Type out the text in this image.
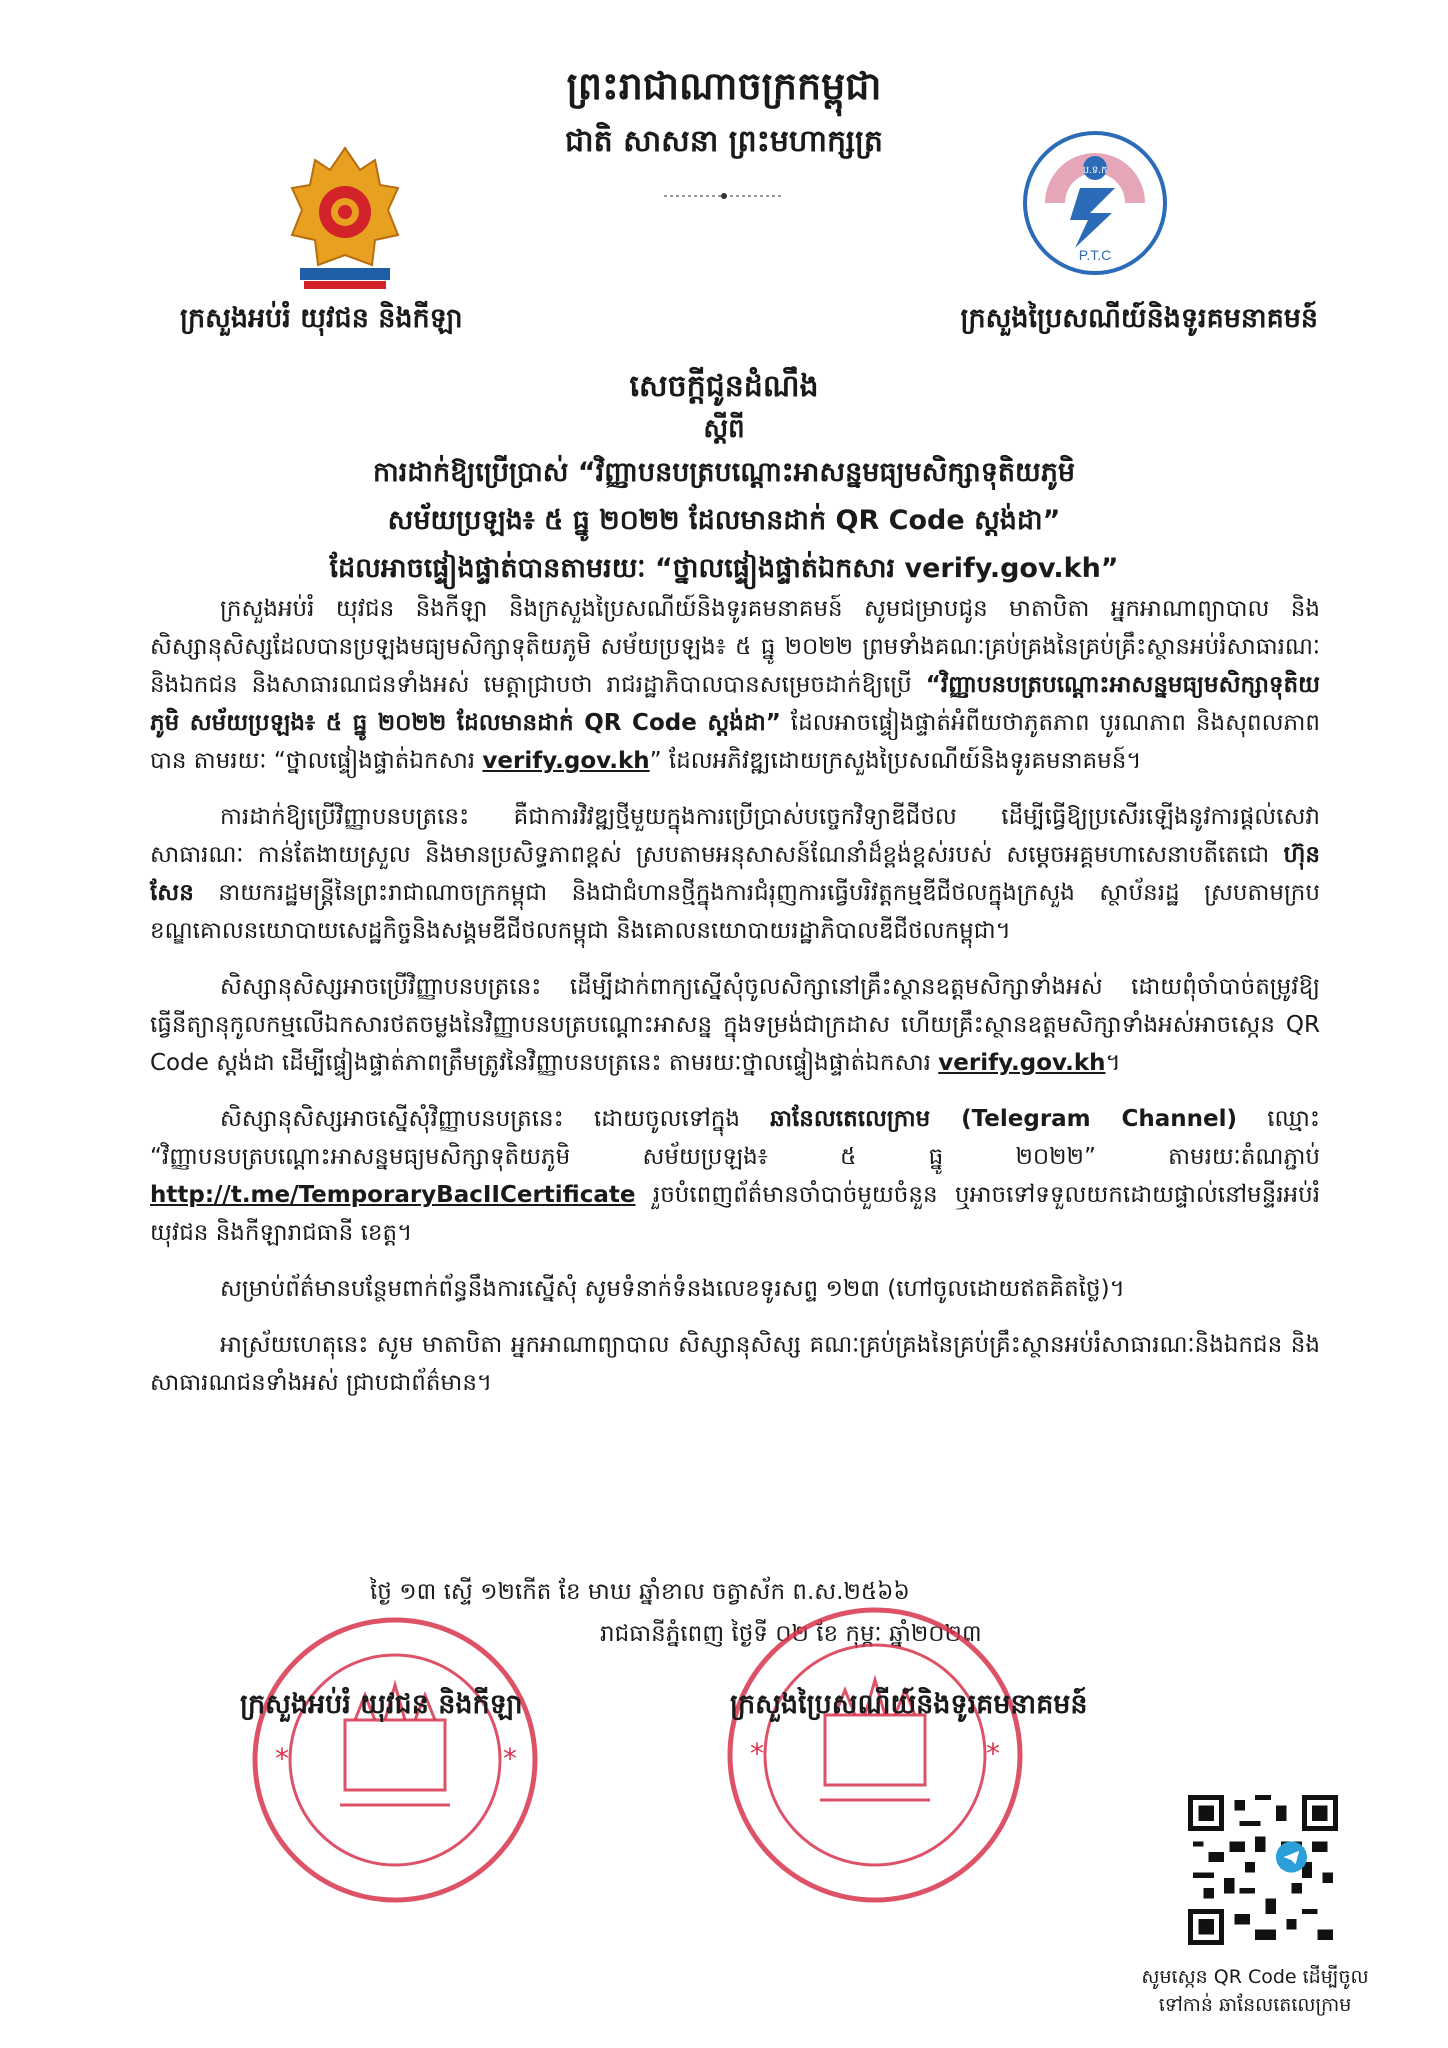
ប.ទ.ក
P.T.C
ព្រះរាជាណាចក្រកម្ពុជា
ជាតិ សាសនា ព្រះមហាក្សត្រ
ក្រសួងអប់រំ យុវជន និងកីឡា	ក្រសួងប្រៃសណីយ៍និងទូរគមនាគមន៍
សេចក្តីជូនដំណឹង
ស្តីពី
ការដាក់ឱ្យប្រើប្រាស់ “វិញ្ញាបនបត្របណ្តោះអាសន្នមធ្យមសិក្សាទុតិយភូមិ
សម័យប្រឡង៖ ៥ ធ្នូ ២០២២ ដែលមានដាក់ QR Code ស្តង់ដា”
ដែលអាចផ្ទៀងផ្ទាត់បានតាមរយៈ “ថ្នាលផ្ទៀងផ្ទាត់ឯកសារ verify.gov.kh”

ក្រសួងអប់រំ យុវជន និងកីឡា និងក្រសួងប្រៃសណីយ៍និងទូរគមនាគមន៍ សូមជម្រាបជូន មាតាបិតា អ្នកអាណាព្យាបាល និងសិស្សានុសិស្សដែលបានប្រឡងមធ្យមសិក្សាទុតិយភូមិ សម័យប្រឡង៖ ៥ ធ្នូ ២០២២ ព្រមទាំងគណៈគ្រប់គ្រងនៃគ្រប់គ្រឹះស្ថានអប់រំសាធារណៈនិងឯកជន និងសាធារណជនទាំងអស់ មេត្តាជ្រាបថា រាជរដ្ឋាភិបាលបានសម្រេចដាក់ឱ្យប្រើ “វិញ្ញាបនបត្របណ្តោះអាសន្នមធ្យមសិក្សាទុតិយភូមិ សម័យប្រឡង៖ ៥ ធ្នូ ២០២២ ដែលមានដាក់ QR Code ស្តង់ដា” ដែលអាចផ្ទៀងផ្ទាត់អំពីយថាភូតភាព បូរណភាព និងសុពលភាពបាន តាមរយៈ “ថ្នាលផ្ទៀងផ្ទាត់ឯកសារ verify.gov.kh” ដែលអភិវឌ្ឍដោយក្រសួងប្រៃសណីយ៍និងទូរគមនាគមន៍។

ការដាក់ឱ្យប្រើវិញ្ញាបនបត្រនេះ គឺជាការវិវឌ្ឍថ្មីមួយក្នុងការប្រើប្រាស់បច្ចេកវិទ្យាឌីជីថល ដើម្បីធ្វើឱ្យប្រសើរឡើងនូវការផ្តល់សេវាសាធារណៈ កាន់តែងាយស្រួល និងមានប្រសិទ្ធភាពខ្ពស់ ស្របតាមអនុសាសន៍ណែនាំដ៏ខ្ពង់ខ្ពស់របស់ សម្តេចអគ្គមហាសេនាបតីតេជោ ហ៊ុន សែន នាយករដ្ឋមន្ត្រីនៃព្រះរាជាណាចក្រកម្ពុជា និងជាជំហានថ្មីក្នុងការជំរុញការធ្វើបរិវត្តកម្មឌីជីថលក្នុងក្រសួង ស្ថាប័នរដ្ឋ ស្របតាមក្របខណ្ឌគោលនយោបាយសេដ្ឋកិច្ចនិងសង្គមឌីជីថលកម្ពុជា និងគោលនយោបាយរដ្ឋាភិបាលឌីជីថលកម្ពុជា។

សិស្សានុសិស្សអាចប្រើវិញ្ញាបនបត្រនេះ ដើម្បីដាក់ពាក្យស្នើសុំចូលសិក្សានៅគ្រឹះស្ថានឧត្តមសិក្សាទាំងអស់ ដោយពុំចាំបាច់តម្រូវឱ្យធ្វើនីត្យានុកូលកម្មលើឯកសារថតចម្លងនៃវិញ្ញាបនបត្របណ្តោះអាសន្ន ក្នុងទម្រង់ជាក្រដាស ហើយគ្រឹះស្ថានឧត្តមសិក្សាទាំងអស់អាចស្កេន QR Code ស្តង់ដា ដើម្បីផ្ទៀងផ្ទាត់ភាពត្រឹមត្រូវនៃវិញ្ញាបនបត្រនេះ តាមរយៈថ្នាលផ្ទៀងផ្ទាត់ឯកសារ verify.gov.kh។

សិស្សានុសិស្សអាចស្នើសុំវិញ្ញាបនបត្រនេះ ដោយចូលទៅក្នុង ឆានែលតេលេក្រាម (Telegram Channel) ឈ្មោះ “វិញ្ញាបនបត្របណ្តោះអាសន្នមធ្យមសិក្សាទុតិយភូមិ សម័យប្រឡង៖ ៥ ធ្នូ ២០២២” តាមរយៈតំណភ្ជាប់ http://t.me/TemporaryBacIICertificate រួចបំពេញព័ត៌មានចាំបាច់មួយចំនួន ឬអាចទៅទទួលយកដោយផ្ទាល់នៅមន្ទីរអប់រំ យុវជន និងកីឡារាជធានី ខេត្ត។

សម្រាប់ព័ត៌មានបន្ថែមពាក់ព័ន្ធនឹងការស្នើសុំ សូមទំនាក់ទំនងលេខទូរសព្ទ ១២៣ (ហៅចូលដោយឥតគិតថ្លៃ)។

អាស្រ័យហេតុនេះ សូម មាតាបិតា អ្នកអាណាព្យាបាល សិស្សានុសិស្ស គណៈគ្រប់គ្រងនៃគ្រប់គ្រឹះស្ថានអប់រំសាធារណៈនិងឯកជន និងសាធារណជនទាំងអស់ ជ្រាបជាព័ត៌មាន។

ថ្ងៃ ១៣ ស្ទើ ១២កើត ខែ មាឃ ឆ្នាំខាល ចត្វាស័ក ព.ស.២៥៦៦
រាជធានីភ្នំពេញ ថ្ងៃទី ០២ ខែ កុម្ភៈ ឆ្នាំ២០២៣
*	*	*	*
ក្រសួងអប់រំ យុវជន និងកីឡា	ក្រសួងប្រៃសណីយ៍និងទូរគមនាគមន៍
សូមស្កេន QR Code ដើម្បីចូល
ទៅកាន់ ឆានែលតេលេក្រាម
